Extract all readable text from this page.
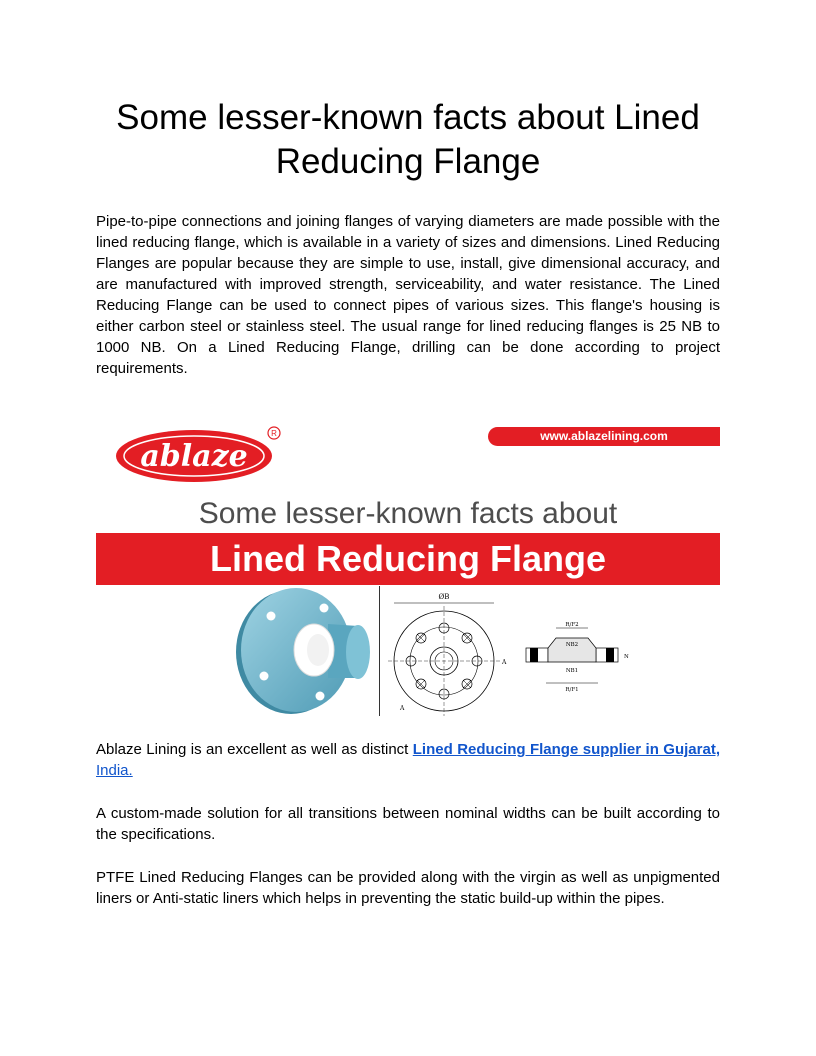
Some lesser-known facts about Lined Reducing Flange

Pipe-to-pipe connections and joining flanges of varying diameters are made possible with the lined reducing flange, which is available in a variety of sizes and dimensions. Lined Reducing Flanges are popular because they are simple to use, install, give dimensional accuracy, and are manufactured with improved strength, serviceability, and water resistance. The Lined Reducing Flange can be used to connect pipes of various sizes. This flange's housing is either carbon steel or stainless steel. The usual range for lined reducing flanges is 25 NB to 1000 NB. On a Lined Reducing Flange, drilling can be done according to project requirements.

ablaze
R	www.ablazelining.com
Some lesser-known facts about
Lined Reducing Flange
ØB
A
A
R/F2
NB2
NB1
R/F1
N

Ablaze Lining is an excellent as well as distinct Lined Reducing Flange supplier in Gujarat, India.

A custom-made solution for all transitions between nominal widths can be built according to the specifications.

PTFE Lined Reducing Flanges can be provided along with the virgin as well as unpigmented liners or Anti-static liners which helps in preventing the static build-up within the pipes.
